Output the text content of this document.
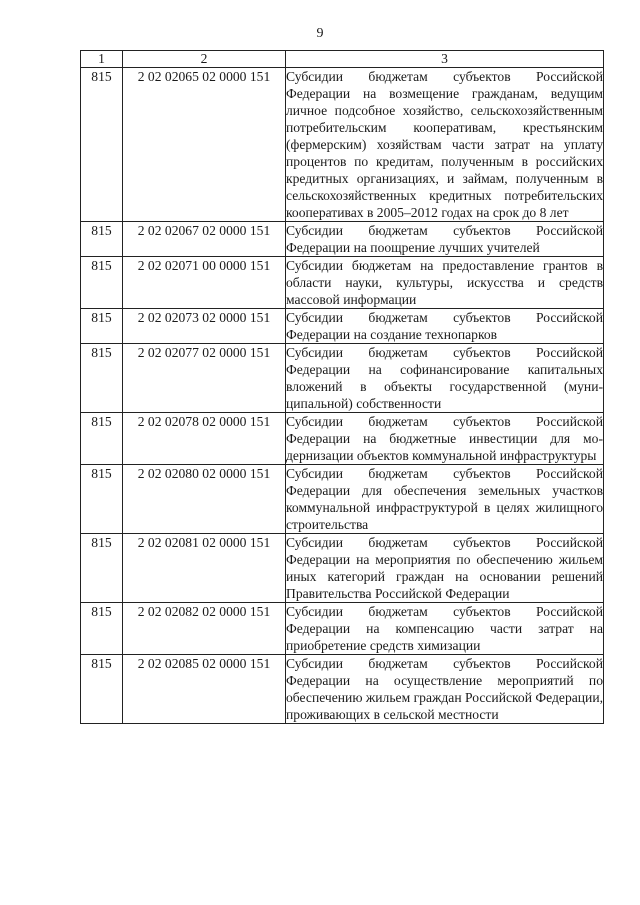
9
1	2	3
815	2 02 02065 02 0000 151	Субсидии бюджетам субъектов Российской Федерации на возмещение гражданам, ведущим личное подсобное хозяйство, сельскохозяйственным потребительским кооперативам, крестьянским (фермерским) хозяйствам части затрат на уплату процентов по кредитам, полученным в российских кредитных организациях, и займам, полученным в сельскохозяйственных кредитных потребительских кооперативах в 2005–2012 годах на срок до 8 лет
815	2 02 02067 02 0000 151	Субсидии бюджетам субъектов Российской Федерации на поощрение лучших учителей
815	2 02 02071 00 0000 151	Субсидии бюджетам на предоставление грантов в области науки, культуры, искусства и средств массовой информации
815	2 02 02073 02 0000 151	Субсидии бюджетам субъектов Российской Федерации на создание технопарков
815	2 02 02077 02 0000 151	Субсидии бюджетам субъектов Российской Федерации на софинансирование капитальных вложений в объекты государственной (муниципальной) собственности
815	2 02 02078 02 0000 151	Субсидии бюджетам субъектов Российской Федерации на бюджетные инвестиции для модернизации объектов коммунальной инфраструктуры
815	2 02 02080 02 0000 151	Субсидии бюджетам субъектов Российской Федерации для обеспечения земельных участков коммунальной инфраструктурой в целях жилищного строительства
815	2 02 02081 02 0000 151	Субсидии бюджетам субъектов Российской Федерации на мероприятия по обеспечению жильем иных категорий граждан на основании решений Правительства Российской Федерации
815	2 02 02082 02 0000 151	Субсидии бюджетам субъектов Российской Федерации на компенсацию части затрат на приобретение средств химизации
815	2 02 02085 02 0000 151	Субсидии бюджетам субъектов Российской Федерации на осуществление мероприятий по обеспечению жильем граждан Российской Федерации, проживающих в сельской местности
